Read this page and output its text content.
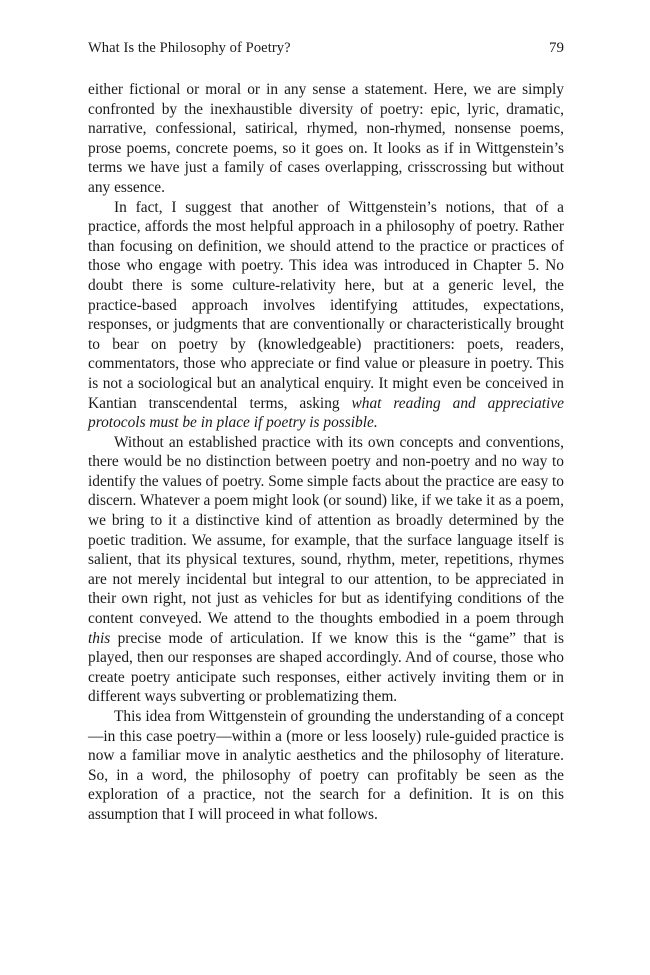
What Is the Philosophy of Poetry?	79

either fictional or moral or in any sense a statement. Here, we are simply confronted by the inexhaustible diversity of poetry: epic, lyric, dramatic, narrative, confessional, satirical, rhymed, non-rhymed, nonsense poems, prose poems, concrete poems, so it goes on. It looks as if in Wittgenstein’s terms we have just a family of cases overlapping, crisscrossing but without any essence.

In fact, I suggest that another of Wittgenstein’s notions, that of a practice, affords the most helpful approach in a philosophy of poetry. Rather than focusing on definition, we should attend to the practice or practices of those who engage with poetry. This idea was introduced in Chapter 5. No doubt there is some culture-relativity here, but at a generic level, the practice-based approach involves identifying attitudes, expectations, responses, or judgments that are conventionally or characteristically brought to bear on poetry by (knowledgeable) practitioners: poets, readers, commentators, those who appreciate or find value or pleasure in poetry. This is not a sociological but an analytical enquiry. It might even be conceived in Kantian transcendental terms, asking what reading and appreciative protocols must be in place if poetry is possible.

Without an established practice with its own concepts and conventions, there would be no distinction between poetry and non-poetry and no way to identify the values of poetry. Some simple facts about the practice are easy to discern. Whatever a poem might look (or sound) like, if we take it as a poem, we bring to it a distinctive kind of attention as broadly determined by the poetic tradition. We assume, for example, that the surface language itself is salient, that its physical textures, sound, rhythm, meter, repetitions, rhymes are not merely incidental but integral to our attention, to be appreciated in their own right, not just as vehicles for but as identifying conditions of the content conveyed. We attend to the thoughts embodied in a poem through this precise mode of articulation. If we know this is the “game” that is played, then our responses are shaped accordingly. And of course, those who create poetry anticipate such responses, either actively inviting them or in different ways subverting or problematizing them.

This idea from Wittgenstein of grounding the understanding of a concept—in this case poetry—within a (more or less loosely) rule-guided practice is now a familiar move in analytic aesthetics and the philosophy of literature. So, in a word, the philosophy of poetry can profitably be seen as the exploration of a practice, not the search for a definition. It is on this assumption that I will proceed in what follows.
